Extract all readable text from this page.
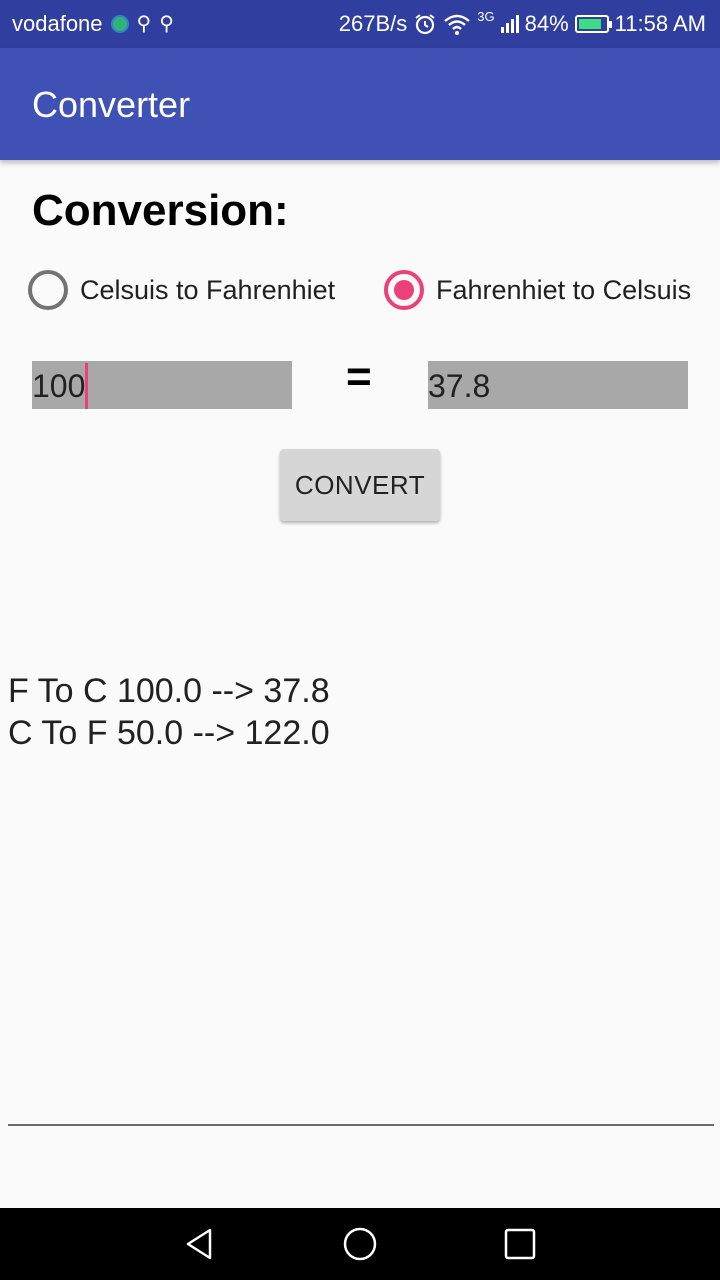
vodafone ⚲ ⚲	267B/s	3G 84% 11:58 AM
Converter
Conversion:
Celsuis to Fahrenhiet	Fahrenhiet to Celsuis
100	= 37.8
CONVERT
F To C 100.0 --> 37.8
C To F 50.0 --> 122.0
